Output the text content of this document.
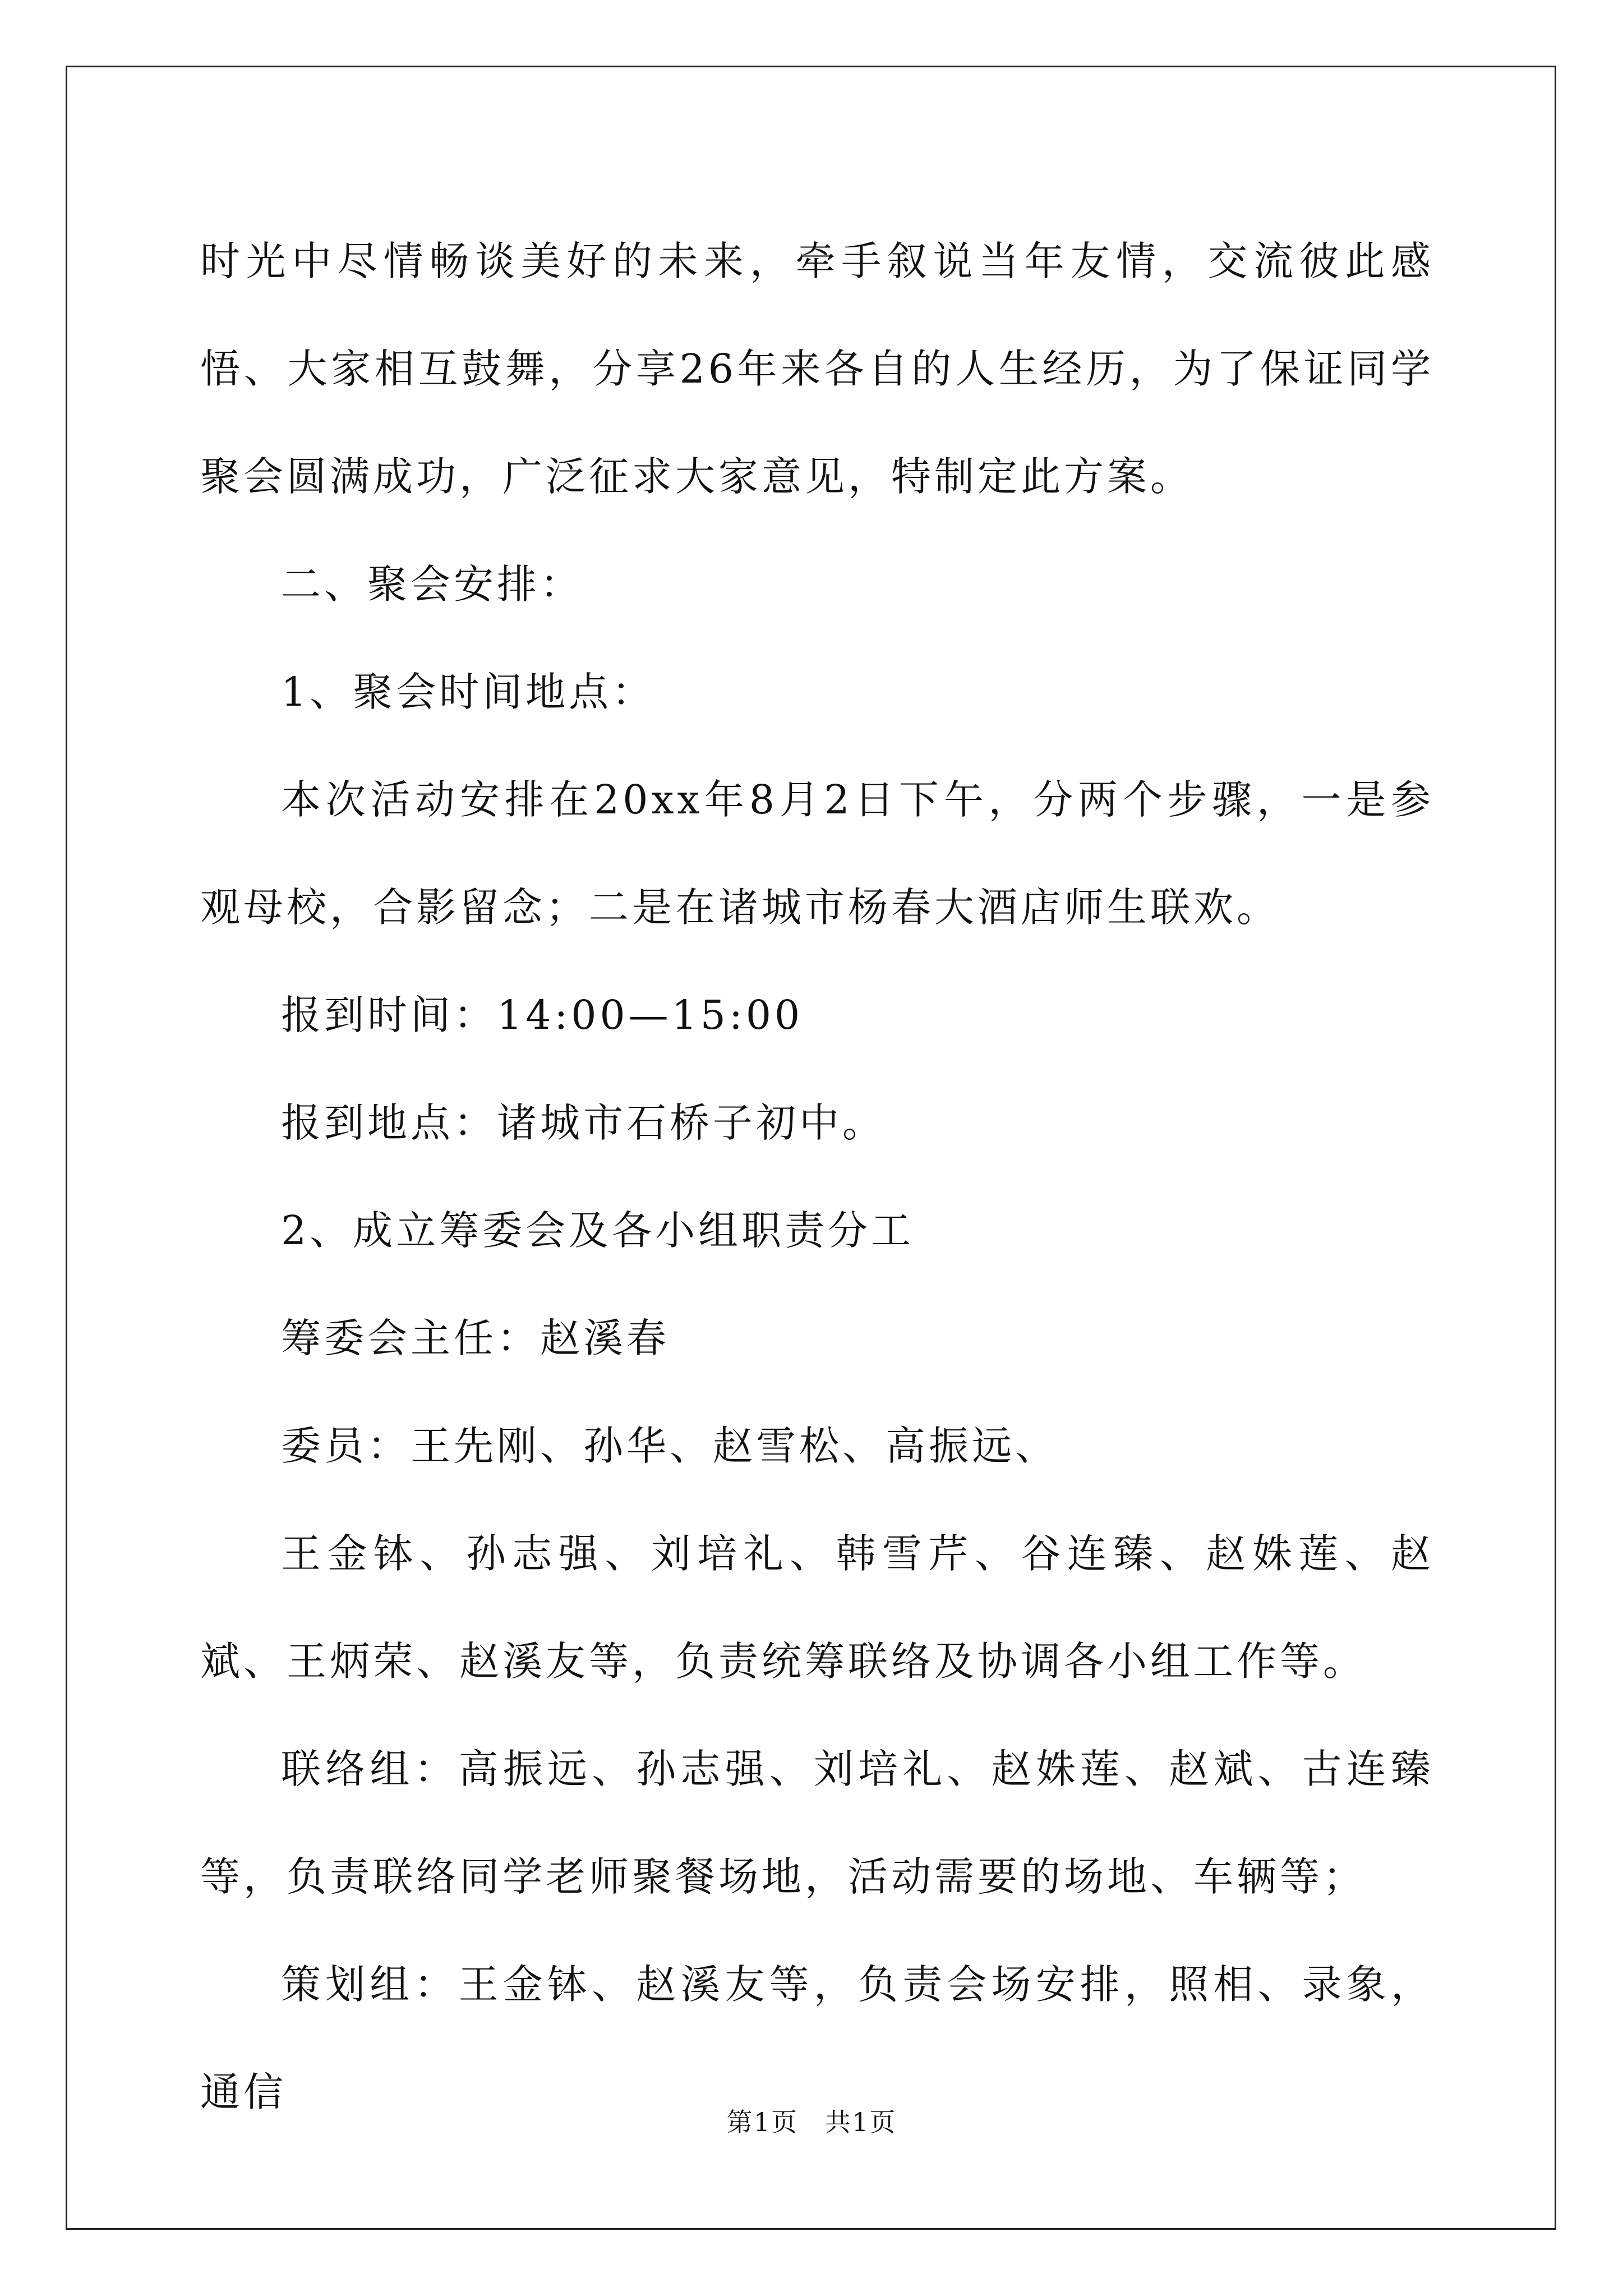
时光中尽情畅谈美好的未来，牵手叙说当年友情，交流彼此感悟、大家相互鼓舞，分享26年来各自的人生经历，为了保证同学聚会圆满成功，广泛征求大家意见，特制定此方案。

二、聚会安排：

1、聚会时间地点：

本次活动安排在20xx年8月2日下午，分两个步骤，一是参观母校，合影留念；二是在诸城市杨春大酒店师生联欢。

报到时间：14:00—15:00

报到地点：诸城市石桥子初中。

2、成立筹委会及各小组职责分工

筹委会主任：赵溪春

委员：王先刚、孙华、赵雪松、高振远、

王金钵、孙志强、刘培礼、韩雪芹、谷连臻、赵姝莲、赵斌、王炳荣、赵溪友等，负责统筹联络及协调各小组工作等。

联络组：高振远、孙志强、刘培礼、赵姝莲、赵斌、古连臻等，负责联络同学老师聚餐场地，活动需要的场地、车辆等；

策划组：王金钵、赵溪友等，负责会场安排，照相、录象，通信

第1页　共1页
